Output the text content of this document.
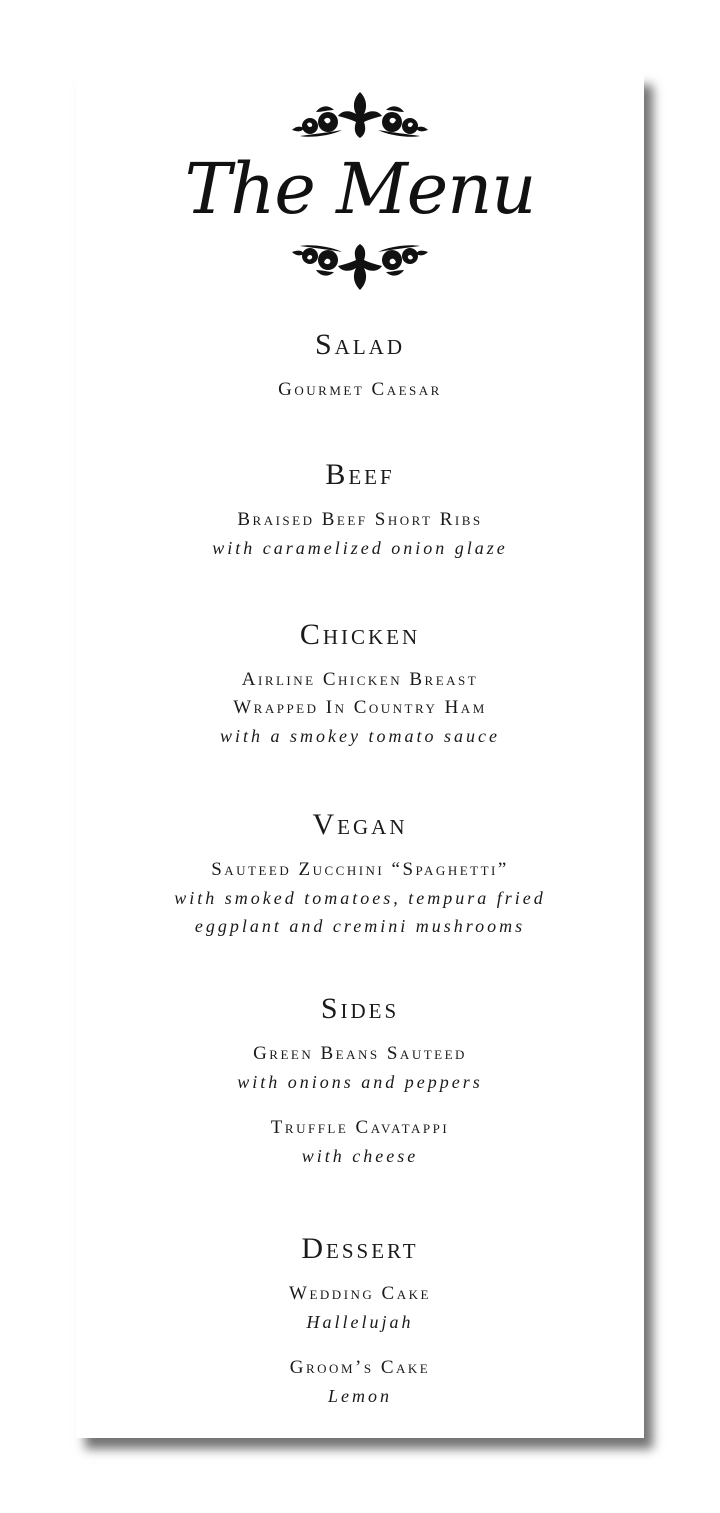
The Menu

Salad

Gourmet Caesar

Beef

Braised Beef Short Ribs

with caramelized onion glaze

Chicken

Airline Chicken Breast

Wrapped In Country Ham

with a smokey tomato sauce

Vegan

Sauteed Zucchini “Spaghetti”

with smoked tomatoes, tempura fried

eggplant and cremini mushrooms

Sides

Green Beans Sauteed

with onions and peppers

Truffle Cavatappi

with cheese

Dessert

Wedding Cake

Hallelujah

Groom’s Cake

Lemon
